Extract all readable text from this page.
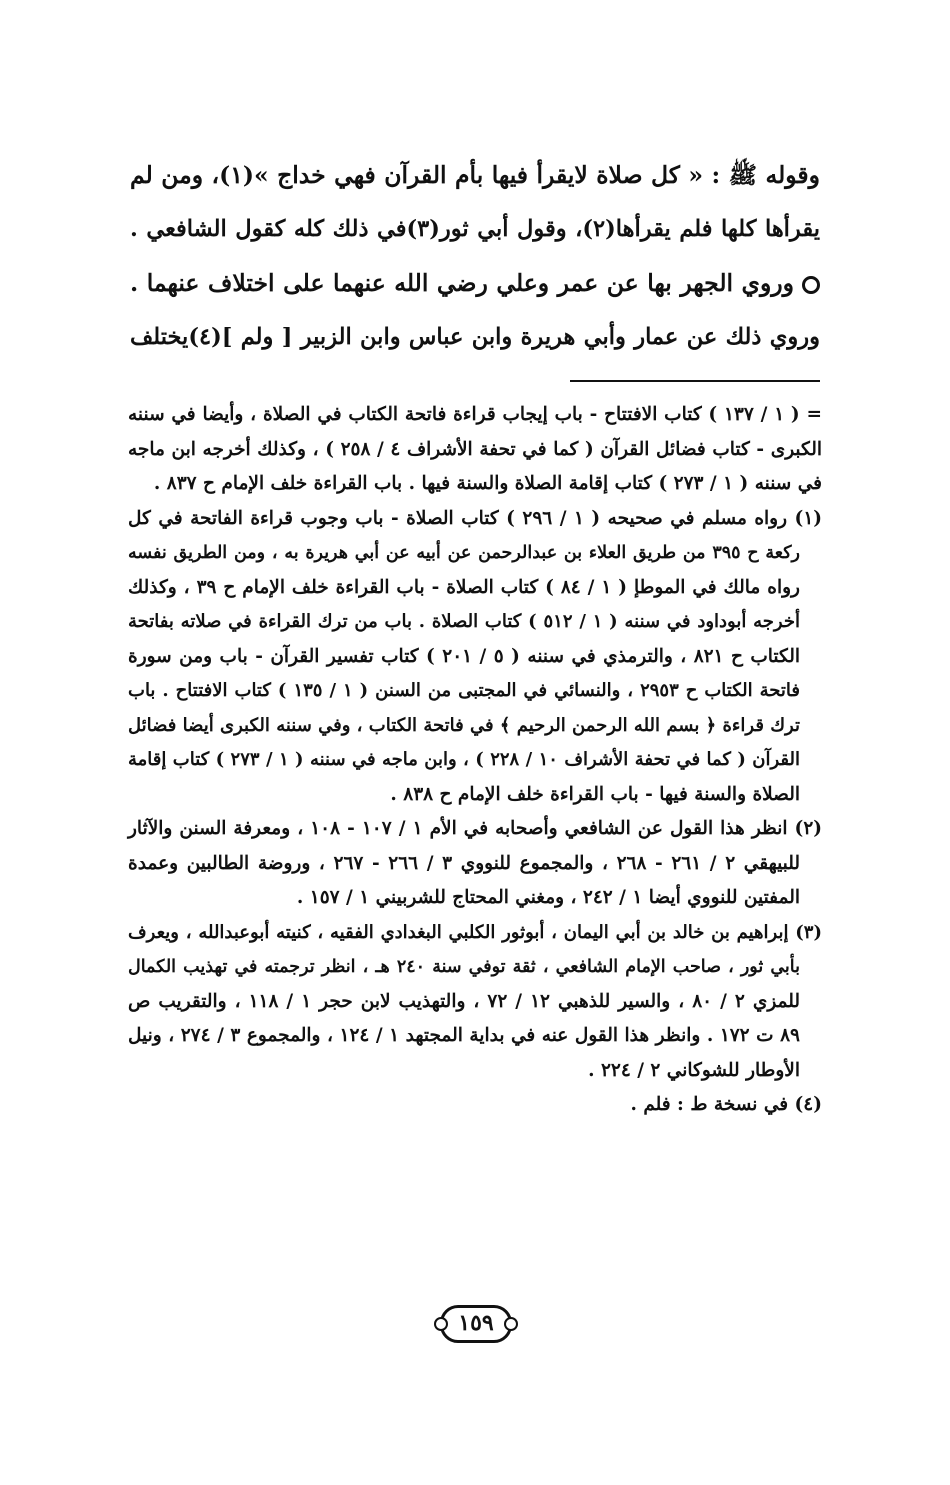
وقوله ﷺ : « كل صلاة لايقرأ فيها بأم القرآن فهي خداج »(١)، ومن لم
يقرأها كلها فلم يقرأها(٢)، وقول أبي ثور(٣)في ذلك كله كقول الشافعي .
وروي الجهر بها عن عمر وعلي رضي الله عنهما على اختلاف عنهما .
وروي ذلك عن عمار وأبي هريرة وابن عباس وابن الزبير [ ولم ](٤)يختلف
= ( ١ / ١٣٧ ) كتاب الافتتاح - باب إيجاب قراءة فاتحة الكتاب في الصلاة ، وأيضا في سننه
الكبرى - كتاب فضائل القرآن ( كما في تحفة الأشراف ٤ / ٢٥٨ ) ، وكذلك أخرجه ابن ماجه
في سننه ( ١ / ٢٧٣ ) كتاب إقامة الصلاة والسنة فيها . باب القراءة خلف الإمام ح ٨٣٧ .
(١) رواه مسلم في صحيحه ( ١ / ٢٩٦ ) كتاب الصلاة - باب وجوب قراءة الفاتحة في كل
ركعة ح ٣٩٥ من طريق العلاء بن عبدالرحمن عن أبيه عن أبي هريرة به ، ومن الطريق نفسه
رواه مالك في الموطإ ( ١ / ٨٤ ) كتاب الصلاة - باب القراءة خلف الإمام ح ٣٩ ، وكذلك
أخرجه أبوداود في سننه ( ١ / ٥١٢ ) كتاب الصلاة . باب من ترك القراءة في صلاته بفاتحة
الكتاب ح ٨٢١ ، والترمذي في سننه ( ٥ / ٢٠١ ) كتاب تفسير القرآن - باب ومن سورة
فاتحة الكتاب ح ٢٩٥٣ ، والنسائي في المجتبى من السنن ( ١ / ١٣٥ ) كتاب الافتتاح . باب
ترك قراءة ﴿ بسم الله الرحمن الرحيم ﴾ في فاتحة الكتاب ، وفي سننه الكبرى أيضا فضائل
القرآن ( كما في تحفة الأشراف ١٠ / ٢٢٨ ) ، وابن ماجه في سننه ( ١ / ٢٧٣ ) كتاب إقامة
الصلاة والسنة فيها - باب القراءة خلف الإمام ح ٨٣٨ .
(٢) انظر هذا القول عن الشافعي وأصحابه في الأم ١ / ١٠٧ - ١٠٨ ، ومعرفة السنن والآثار
للبيهقي ٢ / ٢٦١ - ٢٦٨ ، والمجموع للنووي ٣ / ٢٦٦ - ٢٦٧ ، وروضة الطالبين وعمدة
المفتين للنووي أيضا ١ / ٢٤٢ ، ومغني المحتاج للشربيني ١ / ١٥٧ .
(٣) إبراهيم بن خالد بن أبي اليمان ، أبوثور الكلبي البغدادي الفقيه ، كنيته أبوعبدالله ، ويعرف
بأبي ثور ، صاحب الإمام الشافعي ، ثقة توفي سنة ٢٤٠ هـ ، انظر ترجمته في تهذيب الكمال
للمزي ٢ / ٨٠ ، والسير للذهبي ١٢ / ٧٢ ، والتهذيب لابن حجر ١ / ١١٨ ، والتقريب ص
٨٩ ت ١٧٢ . وانظر هذا القول عنه في بداية المجتهد ١ / ١٢٤ ، والمجموع ٣ / ٢٧٤ ، ونيل
الأوطار للشوكاني ٢ / ٢٢٤ .
(٤) في نسخة ط : فلم .
١٥٩
